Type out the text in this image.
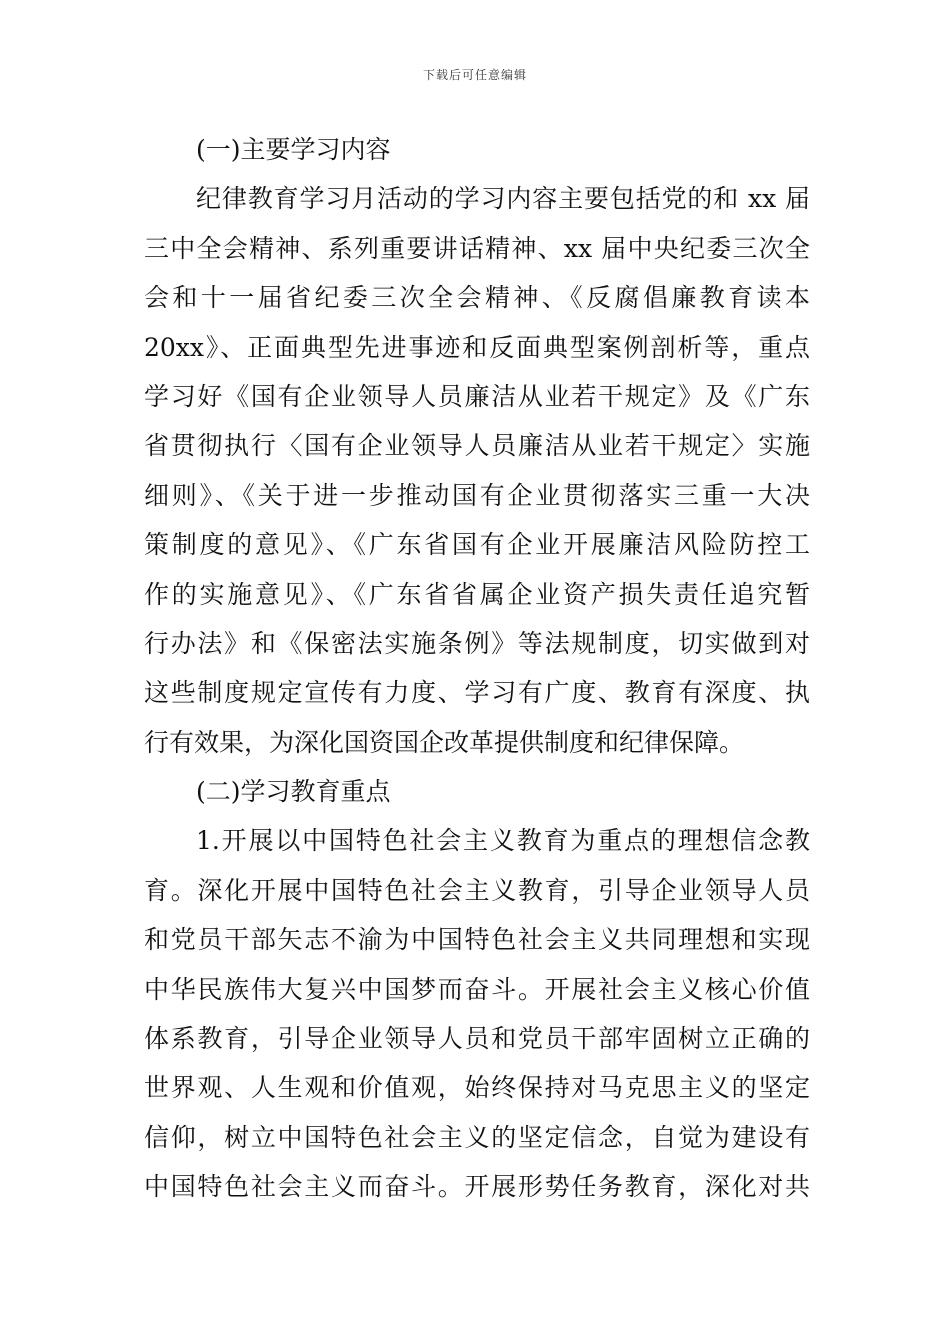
下载后可任意编辑
(一)主要学习内容
纪律教育学习月活动的学习内容主要包括党的和 xx 届
三中全会精神、系列重要讲话精神、xx 届中央纪委三次全
会和十一届省纪委三次全会精神、《反腐倡廉教育读本
20xx》、正面典型先进事迹和反面典型案例剖析等，重点
学习好《国有企业领导人员廉洁从业若干规定》及《广东
省贯彻执行〈国有企业领导人员廉洁从业若干规定〉实施
细则》、《关于进一步推动国有企业贯彻落实三重一大决
策制度的意见》、《广东省国有企业开展廉洁风险防控工
作的实施意见》、《广东省省属企业资产损失责任追究暂
行办法》和《保密法实施条例》等法规制度，切实做到对
这些制度规定宣传有力度、学习有广度、教育有深度、执
行有效果，为深化国资国企改革提供制度和纪律保障。
(二)学习教育重点
1.开展以中国特色社会主义教育为重点的理想信念教
育。深化开展中国特色社会主义教育，引导企业领导人员
和党员干部矢志不渝为中国特色社会主义共同理想和实现
中华民族伟大复兴中国梦而奋斗。开展社会主义核心价值
体系教育，引导企业领导人员和党员干部牢固树立正确的
世界观、人生观和价值观，始终保持对马克思主义的坚定
信仰，树立中国特色社会主义的坚定信念，自觉为建设有
中国特色社会主义而奋斗。开展形势任务教育，深化对共
